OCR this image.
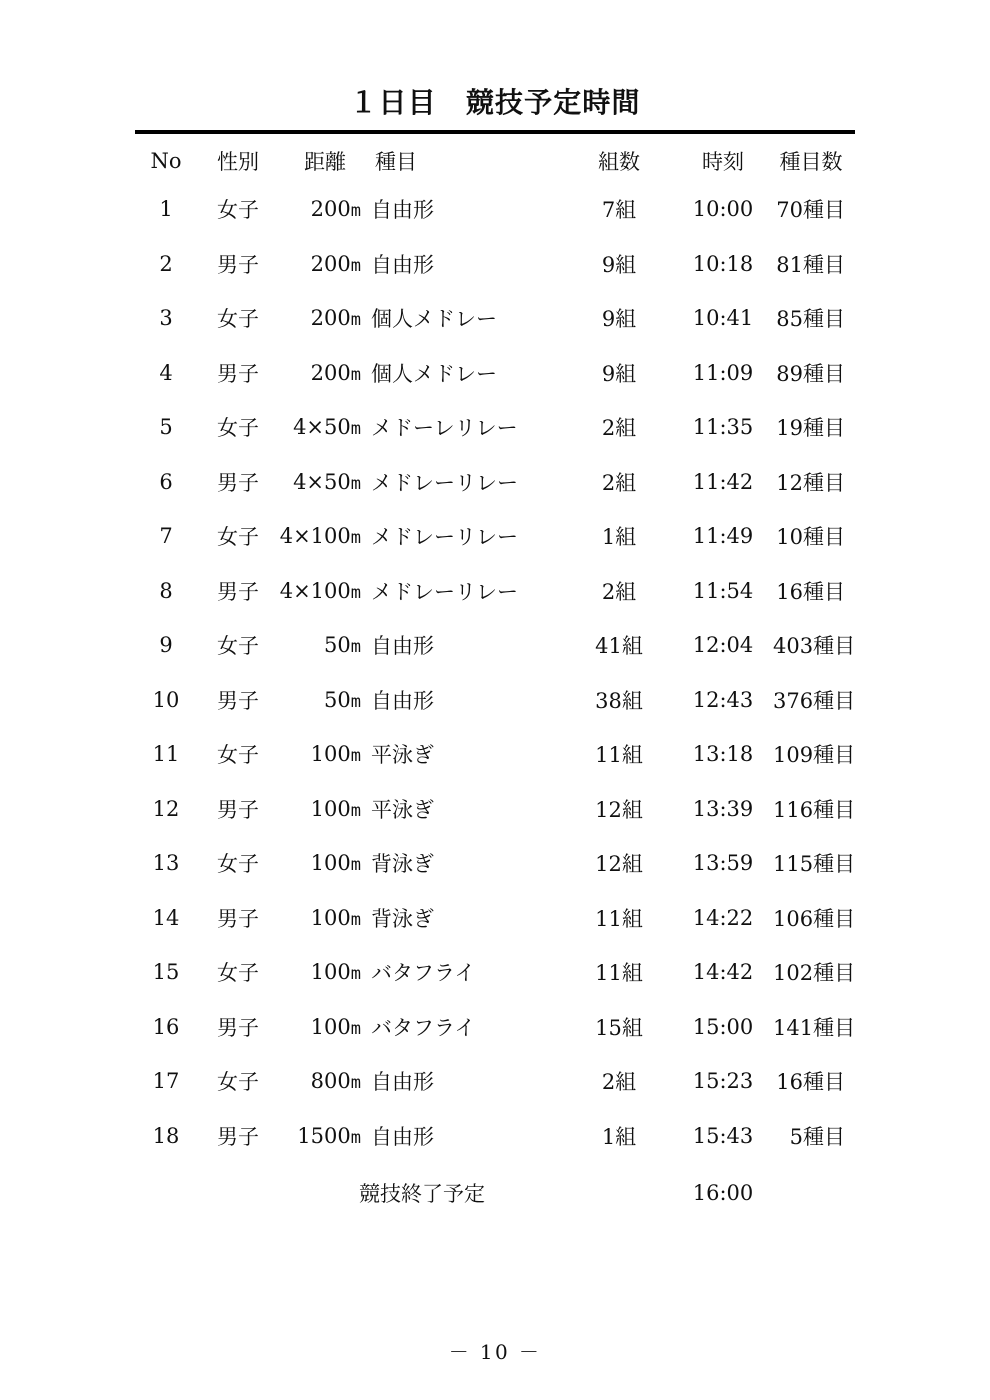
１日目　競技予定時間
No	性別	距離	種目	組数	時刻	種目数
1	女子	200m	自由形	7組	10:00	70種目
2	男子	200m	自由形	9組	10:18	81種目
3	女子	200m	個人メドレー	9組	10:41	85種目
4	男子	200m	個人メドレー	9組	11:09	89種目
5	女子	4×50m	メドーレリレー	2組	11:35	19種目
6	男子	4×50m	メドレーリレー	2組	11:42	12種目
7	女子	4×100m	メドレーリレー	1組	11:49	10種目
8	男子	4×100m	メドレーリレー	2組	11:54	16種目
9	女子	50m	自由形	41組	12:04	403種目
10	男子	50m	自由形	38組	12:43	376種目
11	女子	100m	平泳ぎ	11組	13:18	109種目
12	男子	100m	平泳ぎ	12組	13:39	116種目
13	女子	100m	背泳ぎ	12組	13:59	115種目
14	男子	100m	背泳ぎ	11組	14:22	106種目
15	女子	100m	バタフライ	11組	14:42	102種目
16	男子	100m	バタフライ	15組	15:00	141種目
17	女子	800m	自由形	2組	15:23	16種目
18	男子	1500m	自由形	1組	15:43	5種目
		競技終了予定			16:00	
－ 10 －
